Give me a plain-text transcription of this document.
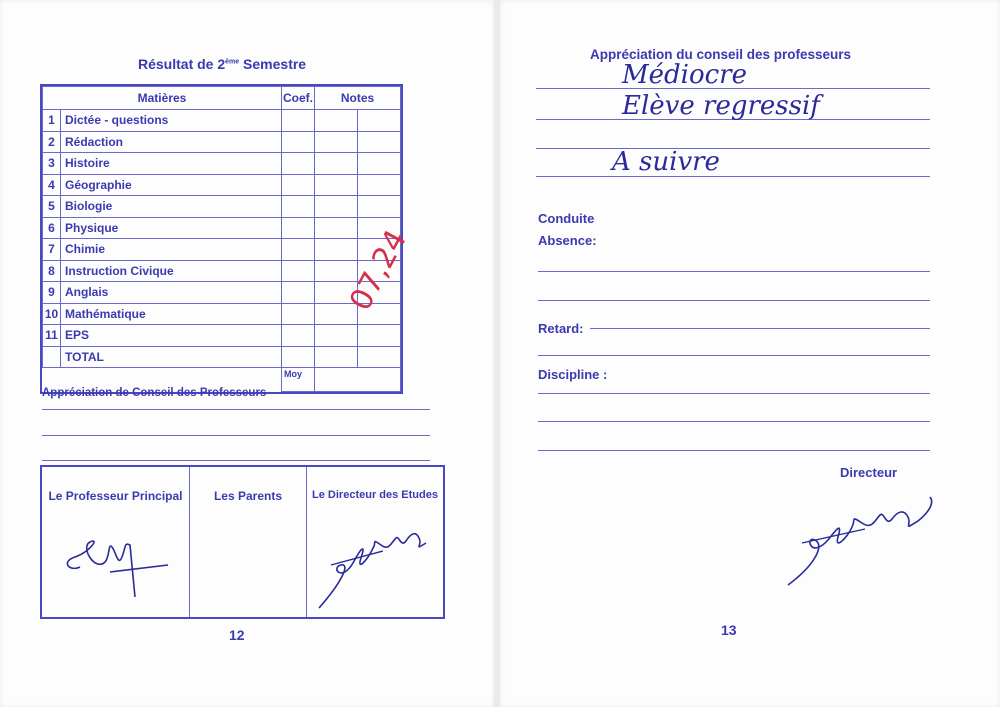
Résultat de 2ème Semestre
Matières		Coef.	Notes	
1	Dictée - questions			
2	Rédaction			
3	Histoire			
4	Géographie			
5	Biologie			
6	Physique			
7	Chimie			
8	Instruction Civique			
9	Anglais			
10	Mathématique			
11	EPS			
	TOTAL			
		Moy		
07,24
Appréciation de Conseil des Professeurs
Le Professeur Principal	Les Parents	Le Directeur des Etudes
12
Appréciation du conseil des professeurs
Médiocre
Elève regressif
A suivre
Conduite
Absence:
Retard:
Discipline :
Directeur
13
